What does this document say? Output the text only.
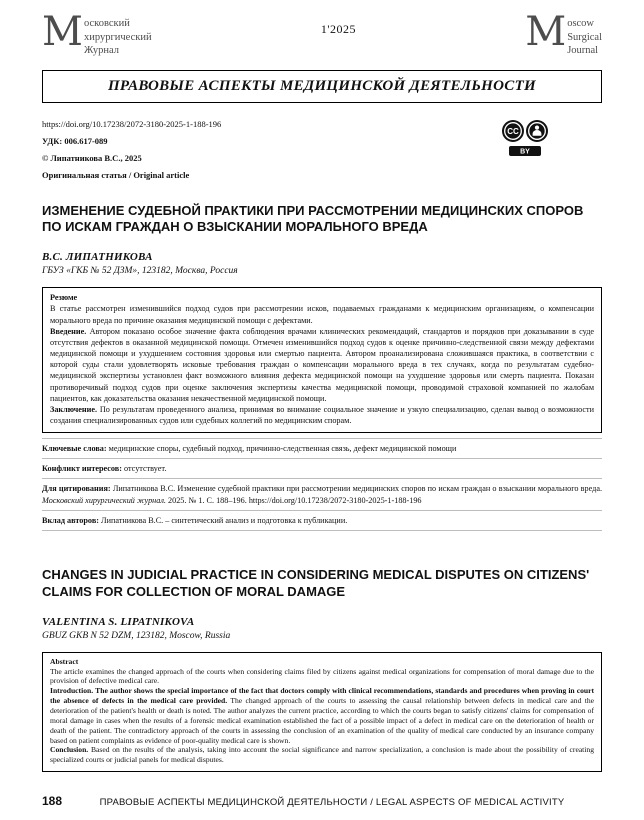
М осковский
хирургический
Журнал
1'2025	M oscow
Surgical
Journal
ПРАВОВЫЕ АСПЕКТЫ МЕДИЦИНСКОЙ ДЕЯТЕЛЬНОСТИ
https://doi.org/10.17238/2072-3180-2025-1-188-196
УДК: 006.617-089
© Липатникова В.С., 2025
Оригинальная статья / Original article
CC
BY
ИЗМЕНЕНИЕ СУДЕБНОЙ ПРАКТИКИ ПРИ РАССМОТРЕНИИ МЕДИЦИНСКИХ СПОРОВ ПО ИСКАМ ГРАЖДАН О ВЗЫСКАНИИ МОРАЛЬНОГО ВРЕДА
В.С. ЛИПАТНИКОВА
ГБУЗ «ГКБ № 52 ДЗМ», 123182, Москва, Россия
Резюме

В статье рассмотрен изменившийся подход судов при рассмотрении исков, подаваемых гражданами к медицинским организациям, о компенсации морального вреда по причине оказания медицинской помощи с дефектами.

Введение. Автором показано особое значение факта соблюдения врачами клинических рекомендаций, стандартов и порядков при доказывании в суде отсутствия дефектов в оказанной медицинской помощи. Отмечен изменившийся подход судов к оценке причинно-следственной связи между дефектами медицинской помощи и ухудшением состояния здоровья или смертью пациента. Автором проанализирована сложившаяся практика, в соответствии с которой суды стали удовлетворять исковые требования граждан о компенсации морального вреда в тех случаях, когда по результатам судебно-медицинской экспертизы установлен факт возможного влияния дефекта медицинской помощи на ухудшение здоровья или смерть пациента. Показан противоречивый подход судов при оценке заключения экспертизы качества медицинской помощи, проводимой страховой компанией по жалобам пациентов, как доказательства оказания некачественной медицинской помощи.

Заключение. По результатам проведенного анализа, принимая во внимание социальное значение и узкую специализацию, сделан вывод о возможности создания специализированных судов или судебных коллегий по медицинским спорам.

Ключевые слова: медицинские споры, судебный подход, причинно-следственная связь, дефект медицинской помощи
Конфликт интересов: отсутствует.
Для цитирования: Липатникова В.С. Изменение судебной практики при рассмотрении медицинских споров по искам граждан о взыскании морального вреда. Московский хирургический журнал. 2025. № 1. С. 188–196. https://doi.org/10.17238/2072-3180-2025-1-188-196
Вклад авторов: Липатникова В.С. – синтетический анализ и подготовка к публикации.
CHANGES IN JUDICIAL PRACTICE IN CONSIDERING MEDICAL DISPUTES ON CITIZENS' CLAIMS FOR COLLECTION OF MORAL DAMAGE
VALENTINA S. LIPATNIKOVA
GBUZ GKB N 52 DZM, 123182, Moscow, Russia
Abstract

The article examines the changed approach of the courts when considering claims filed by citizens against medical organizations for compensation of moral damage due to the provision of defective medical care.

Introduction. The author shows the special importance of the fact that doctors comply with clinical recommendations, standards and procedures when proving in court the absence of defects in the medical care provided. The changed approach of the courts to assessing the causal relationship between defects in medical care and the deterioration of the patient's health or death is noted. The author analyzes the current practice, according to which the courts began to satisfy citizens' claims for compensation of moral damage in cases when the results of a forensic medical examination established the fact of a possible impact of a defect in medical care on the deterioration of health or death of the patient. The contradictory approach of the courts in assessing the conclusion of an examination of the quality of medical care conducted by an insurance company based on patient complaints as evidence of poor-quality medical care is shown.

Conclusion. Based on the results of the analysis, taking into account the social significance and narrow specialization, a conclusion is made about the possibility of creating specialized courts or judicial panels for medical disputes.

188	ПРАВОВЫЕ АСПЕКТЫ МЕДИЦИНСКОЙ ДЕЯТЕЛЬНОСТИ / LEGAL ASPECTS OF MEDICAL ACTIVITY
